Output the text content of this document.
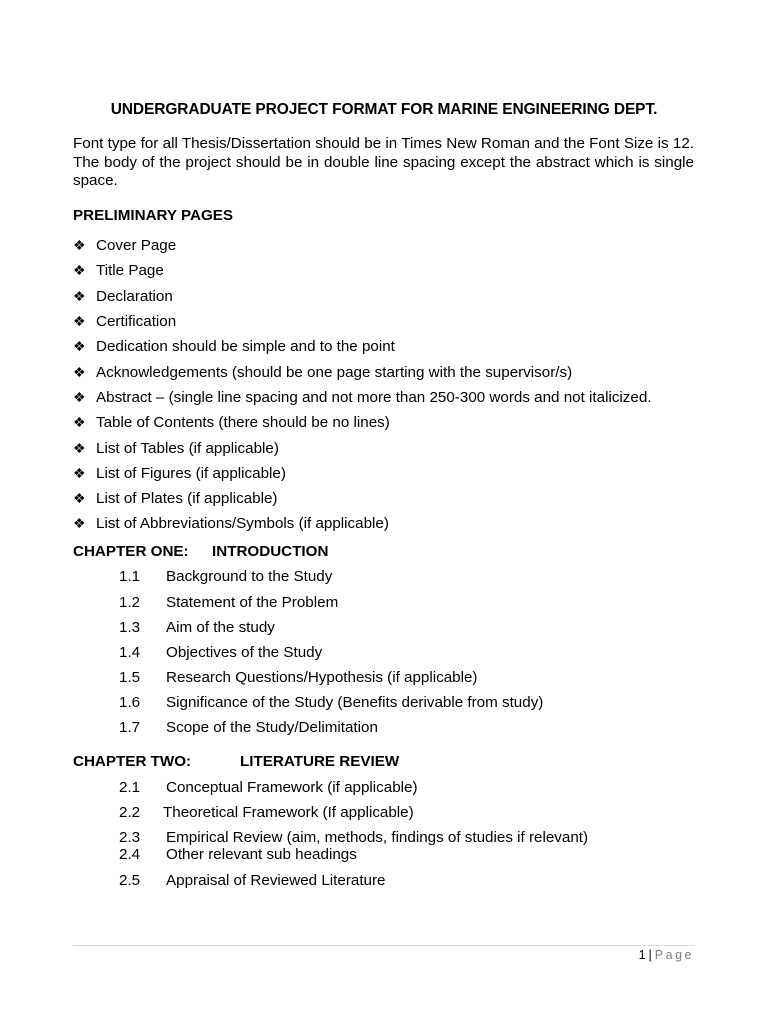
UNDERGRADUATE PROJECT FORMAT FOR MARINE ENGINEERING DEPT.
Font type for all Thesis/Dissertation should be in Times New Roman and the Font Size is 12. The body of the project should be in double line spacing except the abstract which is single space.
PRELIMINARY PAGES
❖ Cover Page
❖ Title Page
❖ Declaration
❖ Certification
❖ Dedication should be simple and to the point
❖ Acknowledgements (should be one page starting with the supervisor/s)
❖ Abstract – (single line spacing and not more than 250-300 words and not italicized.
❖ Table of Contents (there should be no lines)
❖ List of Tables (if applicable)
❖ List of Figures (if applicable)
❖ List of Plates (if applicable)
❖ List of Abbreviations/Symbols (if applicable)
CHAPTER ONE: INTRODUCTION
1.1 Background to the Study
1.2 Statement of the Problem
1.3 Aim of the study
1.4 Objectives of the Study
1.5 Research Questions/Hypothesis (if applicable)
1.6 Significance of the Study (Benefits derivable from study)
1.7 Scope of the Study/Delimitation
CHAPTER TWO:	LITERATURE REVIEW
2.1 Conceptual Framework (if applicable)
2.2 Theoretical Framework (If applicable)
2.3 Empirical Review (aim, methods, findings of studies if relevant)
2.4 Other relevant sub headings
2.5 Appraisal of Reviewed Literature
1 | Page
